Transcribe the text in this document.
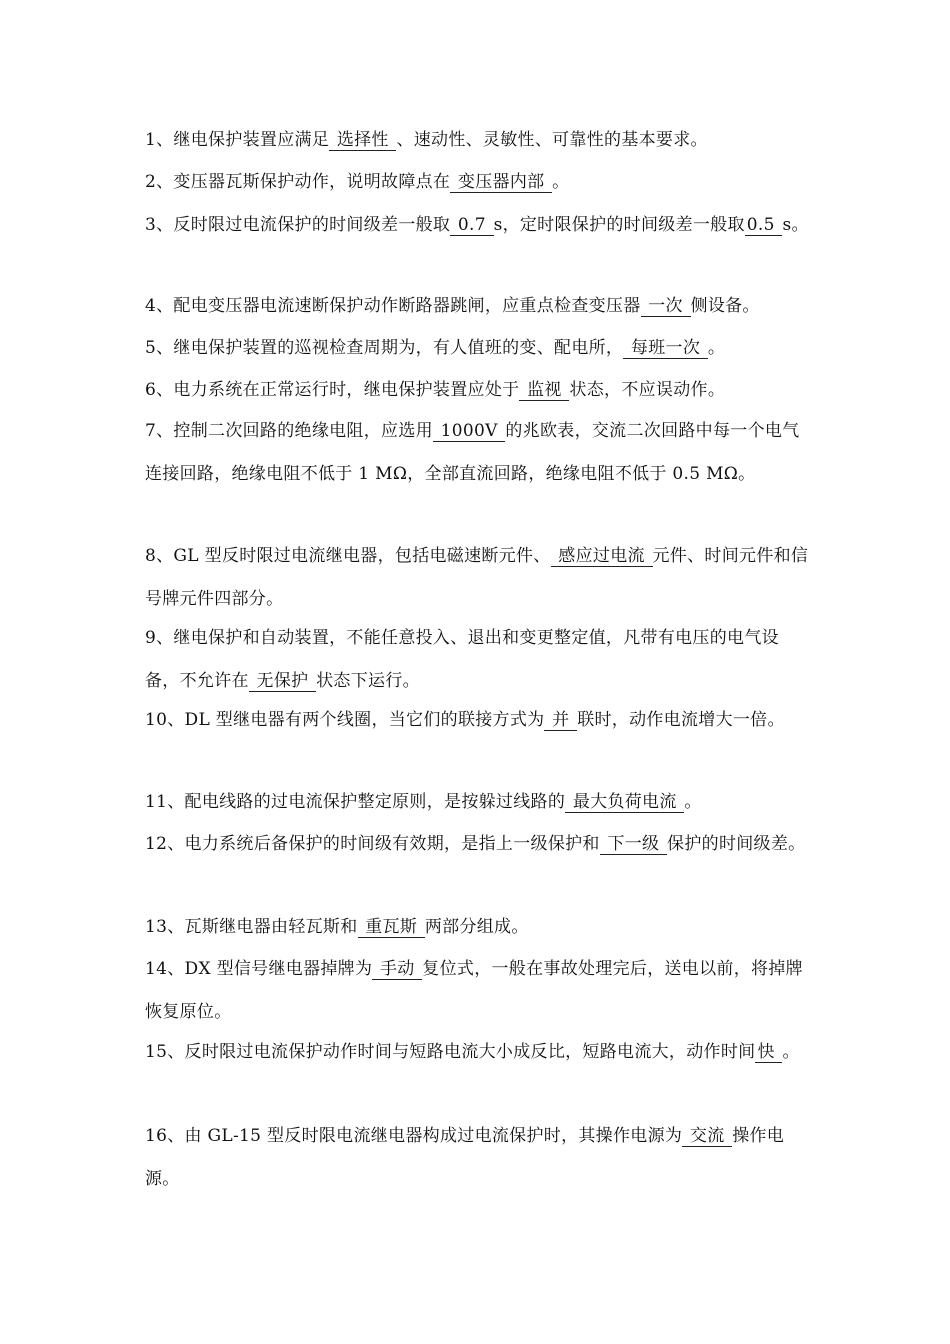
1、继电保护装置应满足 选择性 、速动性、灵敏性、可靠性的基本要求。

2、变压器瓦斯保护动作，说明故障点在 变压器内部 。

3、反时限过电流保护的时间级差一般取 0.7 s，定时限保护的时间级差一般取 0.5 s。

4、配电变压器电流速断保护动作断路器跳闸，应重点检查变压器 一次 侧设备。

5、继电保护装置的巡视检查周期为，有人值班的变、配电所， 每班一次 。

6、电力系统在正常运行时，继电保护装置应处于 监视 状态，不应误动作。

7、控制二次回路的绝缘电阻，应选用 1000V 的兆欧表，交流二次回路中每一个电气连接回路，绝缘电阻不低于 1 MΩ，全部直流回路，绝缘电阻不低于 0.5 MΩ。

8、GL 型反时限过电流继电器，包括电磁速断元件、 感应过电流 元件、时间元件和信号牌元件四部分。

9、继电保护和自动装置，不能任意投入、退出和变更整定值，凡带有电压的电气设备，不允许在 无保护 状态下运行。

10、DL 型继电器有两个线圈，当它们的联接方式为 并 联时，动作电流增大一倍。

11、配电线路的过电流保护整定原则，是按躲过线路的 最大负荷电流 。

12、电力系统后备保护的时间级有效期，是指上一级保护和 下一级 保护的时间级差。

13、瓦斯继电器由轻瓦斯和 重瓦斯 两部分组成。

14、DX 型信号继电器掉牌为 手动 复位式，一般在事故处理完后，送电以前，将掉牌恢复原位。

15、反时限过电流保护动作时间与短路电流大小成反比，短路电流大，动作时间 快 。

16、由 GL-15 型反时限电流继电器构成过电流保护时，其操作电源为 交流 操作电源。
